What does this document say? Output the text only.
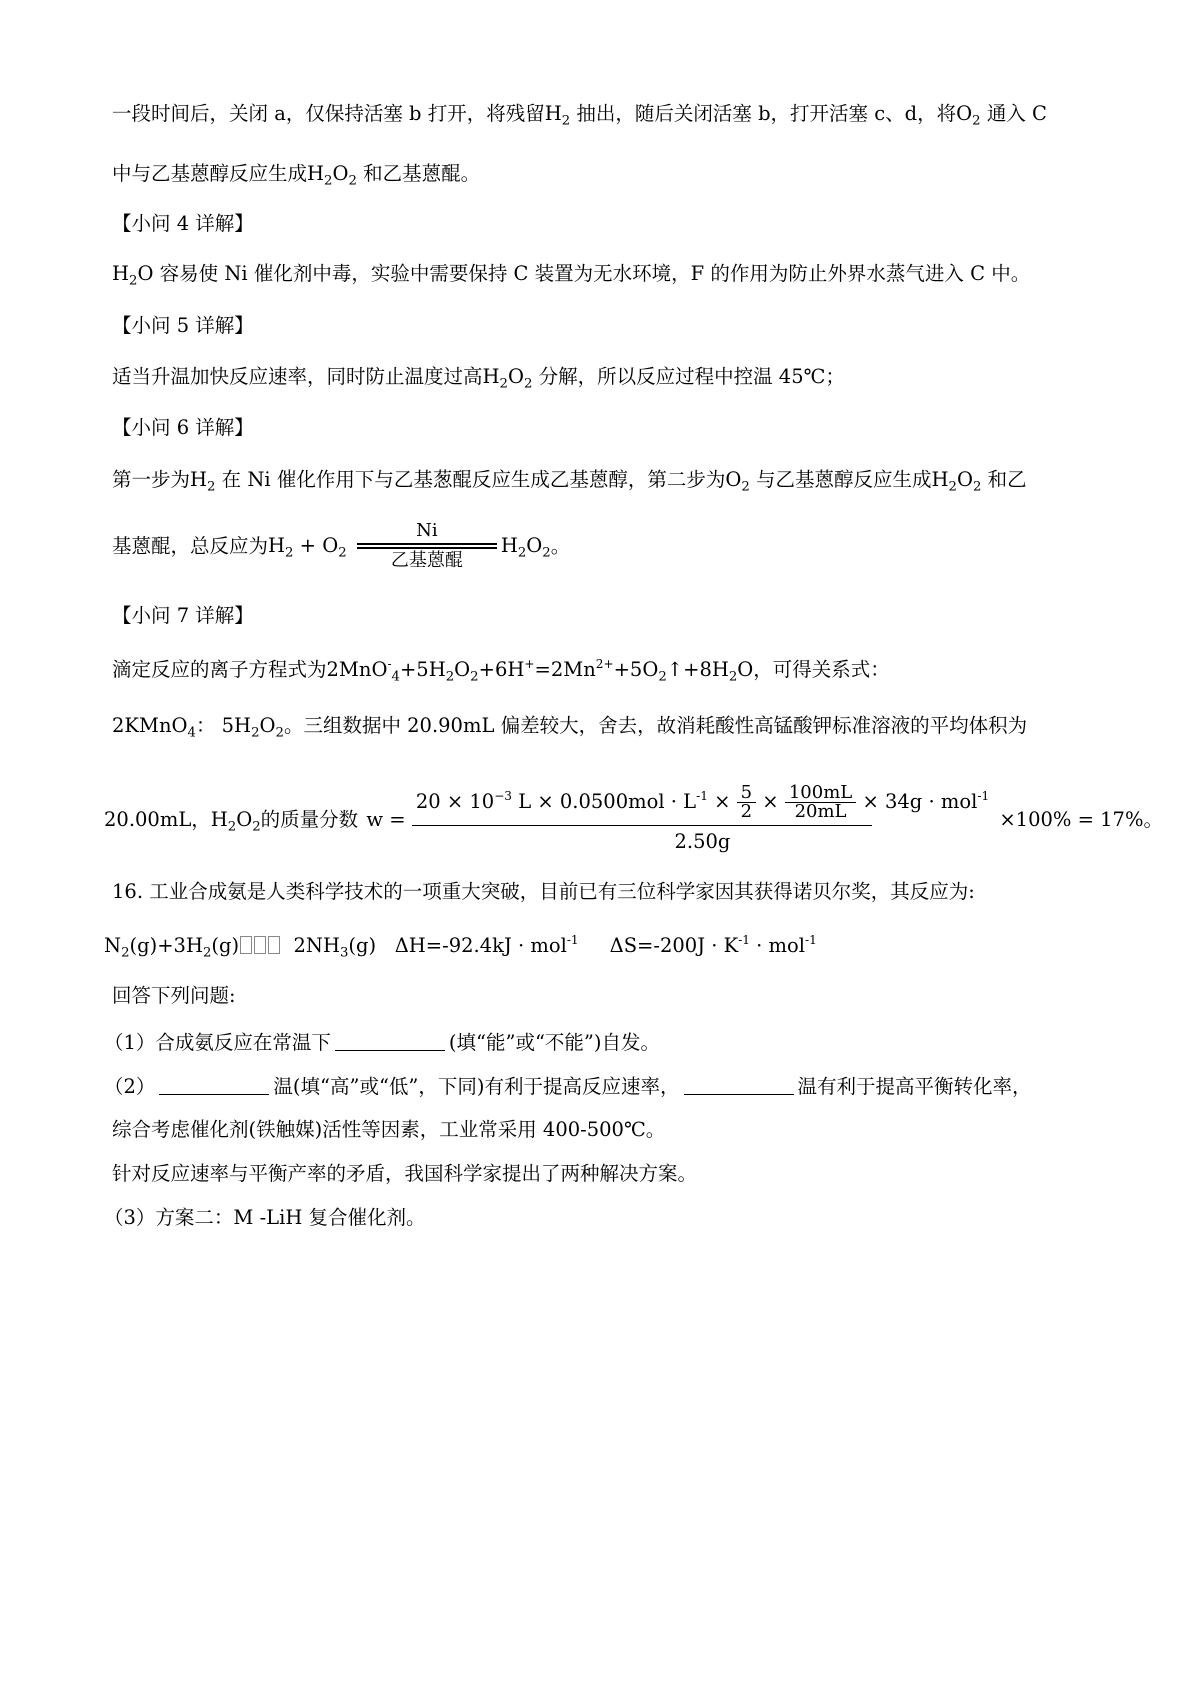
一段时间后，关闭 a，仅保持活塞 b 打开，将残留$H_2$ 抽出，随后关闭活塞 b，打开活塞 c、d，将$O_2$ 通入 C
中与乙基蒽醇反应生成$H_2O_2$ 和乙基蒽醌。
【小问 4 详解】
$H_2O$ 容易使 Ni 催化剂中毒，实验中需要保持 C 装置为无水环境，F 的作用为防止外界水蒸气进入 C 中。
【小问 5 详解】
适当升温加快反应速率，同时防止温度过高$H_2O_2$ 分解，所以反应过程中控温 45℃；
【小问 6 详解】
第一步为$H_2$ 在 Ni 催化作用下与乙基葱醌反应生成乙基蒽醇，第二步为$O_2$ 与乙基蒽醇反应生成$H_2O_2$ 和乙
基蒽醌，总反应为$H_2 + O_2$
Ni
乙基蒽醌
$H_2O_2$。
【小问 7 详解】
滴定反应的离子方程式为$2MnO^-_4+5H_2O_2+6H^+=2Mn^{2+}+5O_2↑+8H_2O$，可得关系式：
2KMnO$_4$： $5H_2O_2$。三组数据中 20.90mL 偏差较大，舍去，故消耗酸性高锰酸钾标准溶液的平均体积为
20.00mL，$H_2O_2$的质量分数 w =
$20 \times 10^{-3}$ $L \times 0.0500mol \cdot L^{-1} \times \frac{5}{2} \times \frac{100mL}{20mL} \times 34g \cdot mol^{-1}$
2.50g
×100% = 17%。
16. 工业合成氨是人类科学技术的一项重大突破，目前已有三位科学家因其获得诺贝尔奖，其反应为:
$N_2(g)+3H_2(g)$  $2NH_3(g) \Delta H=-92.4kJ \cdot mol^{-1}$ $\Delta S=-200J \cdot K^{-1} \cdot mol^{-1}$
回答下列问题:
（1）合成氨反应在常温下	(填“能”或“不能”)自发。
（2）	温(填“高”或“低”，下同)有利于提高反应速率，	温有利于提高平衡转化率，
综合考虑催化剂(铁触媒)活性等因素，工业常采用 400-500℃。
针对反应速率与平衡产率的矛盾，我国科学家提出了两种解决方案。
（3）方案二：M -LiH 复合催化剂。
